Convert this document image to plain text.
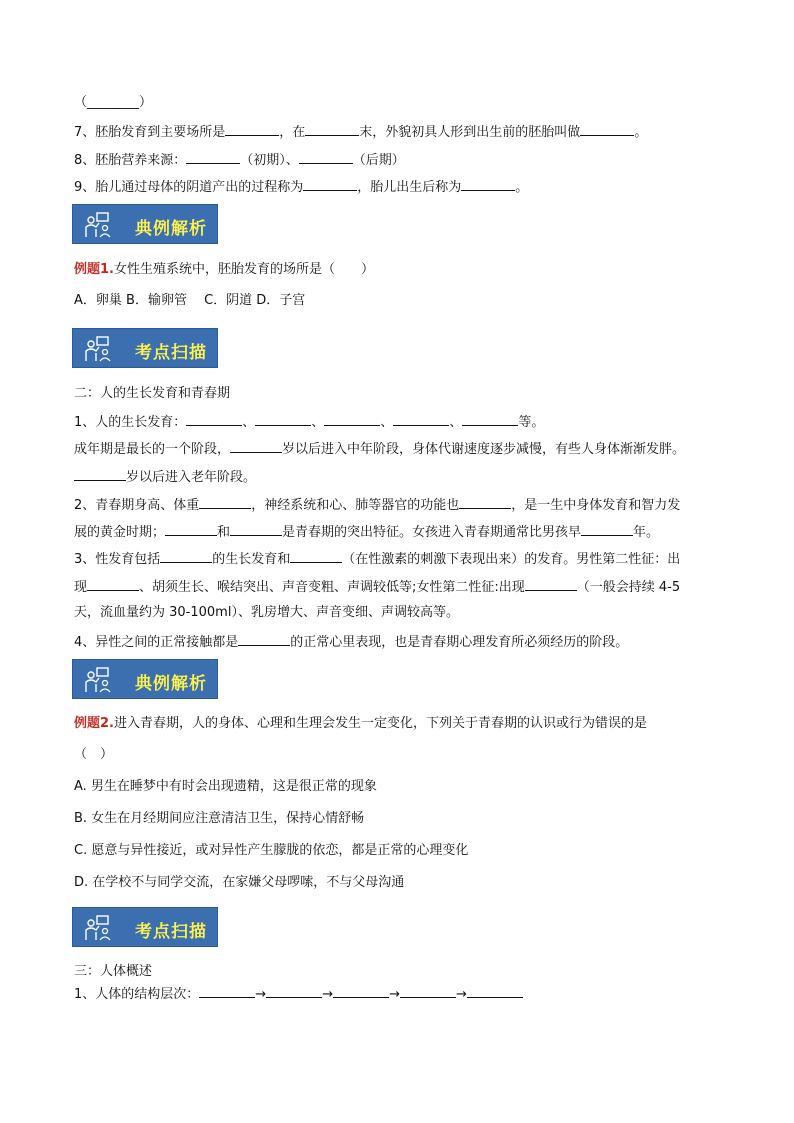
（________）
7、胚胎发育到主要场所是	，在	末，外貌初具人形到出生前的胚胎叫做	。
8、胚胎营养来源：	（初期）、	（后期）
9、胎儿通过母体的阴道产出的过程称为	，胎儿出生后称为	。
典例解析
例题1.女性生殖系统中，胚胎发育的场所是（　　）
A．卵巢 B．输卵管　 C．阴道 D．子宫
考点扫描
二：人的生长发育和青春期
1、人的生长发育：	、	、	、	、	等。
成年期是最长的一个阶段，	岁以后进入中年阶段，身体代谢速度逐步减慢，有些人身体渐渐发胖。
岁以后进入老年阶段。
2、青春期身高、体重	，神经系统和心、肺等器官的功能也	，是一生中身体发育和智力发
展的黄金时期；	和	是青春期的突出特征。女孩进入青春期通常比男孩早	年。
3、性发育包括	的生长发育和	（在性激素的刺激下表现出来）的发育。男性第二性征：出
现	、胡须生长、喉结突出、声音变粗、声调较低等;女性第二性征:出现	（一般会持续 4-5
天，流血量约为 30-100ml）、乳房增大、声音变细、声调较高等。
4、异性之间的正常接触都是	的正常心里表现，也是青春期心理发育所必须经历的阶段。
典例解析
例题2.进入青春期，人的身体、心理和生理会发生一定变化，下列关于青春期的认识或行为错误的是
（　）
A. 男生在睡梦中有时会出现遗精，这是很正常的现象
B. 女生在月经期间应注意清洁卫生，保持心情舒畅
C. 愿意与异性接近，或对异性产生朦胧的依恋，都是正常的心理变化
D. 在学校不与同学交流，在家嫌父母啰嗦，不与父母沟通
考点扫描
三：人体概述
1、人体的结构层次：	→	→	→	→
